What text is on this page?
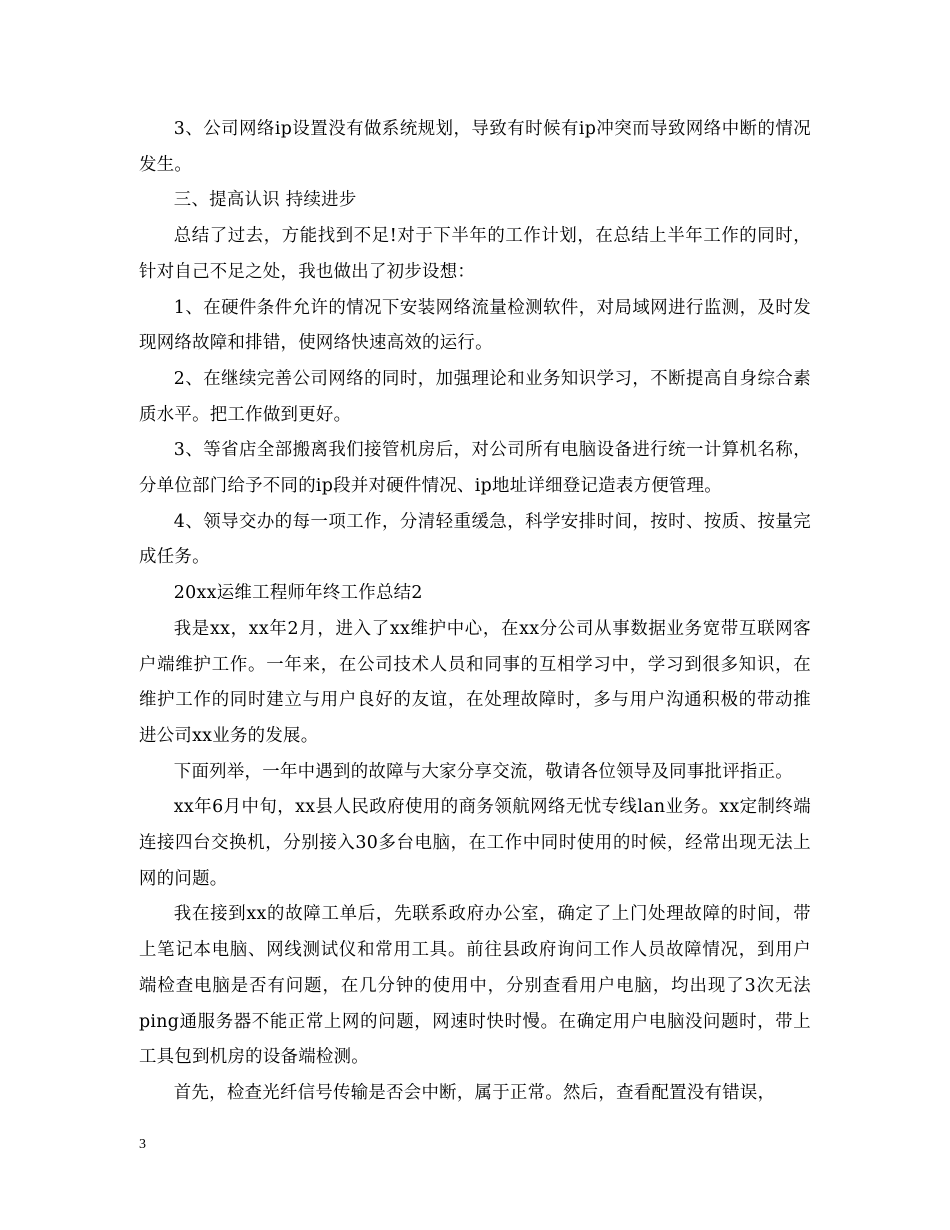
3、公司网络ip设置没有做系统规划，导致有时候有ip冲突而导致网络中断的情况发生。

三、提高认识 持续进步

总结了过去，方能找到不足!对于下半年的工作计划，在总结上半年工作的同时，针对自己不足之处，我也做出了初步设想：

1、在硬件条件允许的情况下安装网络流量检测软件，对局域网进行监测，及时发现网络故障和排错，使网络快速高效的运行。

2、在继续完善公司网络的同时，加强理论和业务知识学习，不断提高自身综合素质水平。把工作做到更好。

3、等省店全部搬离我们接管机房后，对公司所有电脑设备进行统一计算机名称，分单位部门给予不同的ip段并对硬件情况、ip地址详细登记造表方便管理。

4、领导交办的每一项工作，分清轻重缓急，科学安排时间，按时、按质、按量完成任务。

20xx运维工程师年终工作总结2

我是xx，xx年2月，进入了xx维护中心，在xx分公司从事数据业务宽带互联网客户端维护工作。一年来，在公司技术人员和同事的互相学习中，学习到很多知识，在维护工作的同时建立与用户良好的友谊，在处理故障时，多与用户沟通积极的带动推进公司xx业务的发展。

下面列举，一年中遇到的故障与大家分享交流，敬请各位领导及同事批评指正。

xx年6月中旬，xx县人民政府使用的商务领航网络无忧专线lan业务。xx定制终端连接四台交换机，分别接入30多台电脑，在工作中同时使用的时候，经常出现无法上网的问题。

我在接到xx的故障工单后，先联系政府办公室，确定了上门处理故障的时间，带上笔记本电脑、网线测试仪和常用工具。前往县政府询问工作人员故障情况，到用户端检查电脑是否有问题，在几分钟的使用中，分别查看用户电脑，均出现了3次无法ping通服务器不能正常上网的问题，网速时快时慢。在确定用户电脑没问题时，带上工具包到机房的设备端检测。

首先，检查光纤信号传输是否会中断，属于正常。然后，查看配置没有错误，

3
